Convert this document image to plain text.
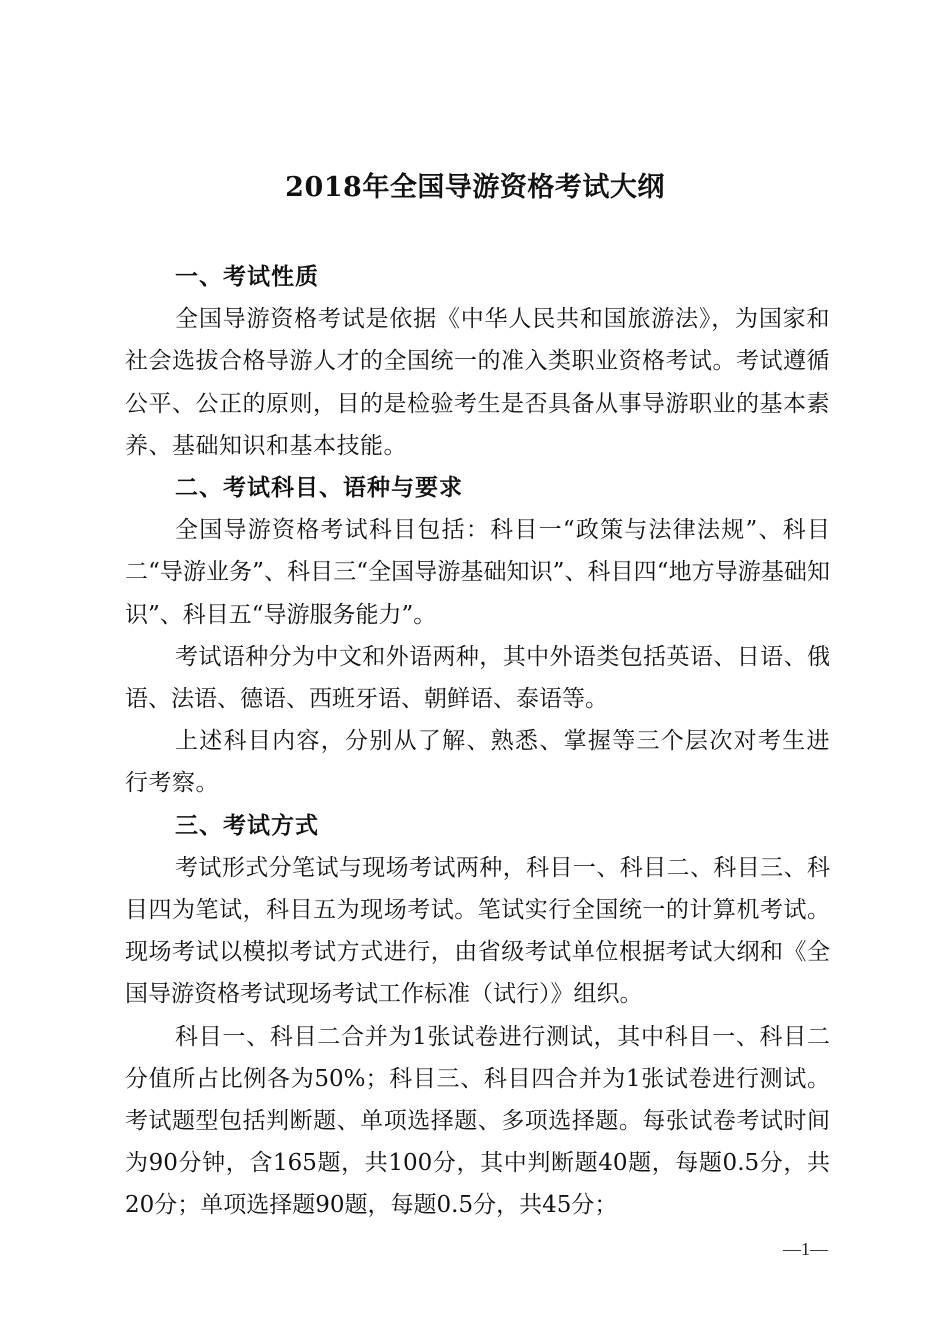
2018年全国导游资格考试大纲
一、考试性质

全国导游资格考试是依据《中华人民共和国旅游法》，为国家和社会选拔合格导游人才的全国统一的准入类职业资格考试。考试遵循公平、公正的原则，目的是检验考生是否具备从事导游职业的基本素养、基础知识和基本技能。

二、考试科目、语种与要求

全国导游资格考试科目包括：科目一“政策与法律法规”、科目二“导游业务”、科目三“全国导游基础知识”、科目四“地方导游基础知识”、科目五“导游服务能力”。

考试语种分为中文和外语两种，其中外语类包括英语、日语、俄语、法语、德语、西班牙语、朝鲜语、泰语等。

上述科目内容，分别从了解、熟悉、掌握等三个层次对考生进行考察。

三、考试方式

考试形式分笔试与现场考试两种，科目一、科目二、科目三、科目四为笔试，科目五为现场考试。笔试实行全国统一的计算机考试。现场考试以模拟考试方式进行，由省级考试单位根据考试大纲和《全国导游资格考试现场考试工作标准（试行）》组织。

科目一、科目二合并为1张试卷进行测试，其中科目一、科目二分值所占比例各为50%；科目三、科目四合并为1张试卷进行测试。考试题型包括判断题、单项选择题、多项选择题。每张试卷考试时间为90分钟，含165题，共100分，其中判断题40题，每题0.5分，共20分；单项选择题90题，每题0.5分，共45分；

—1—
